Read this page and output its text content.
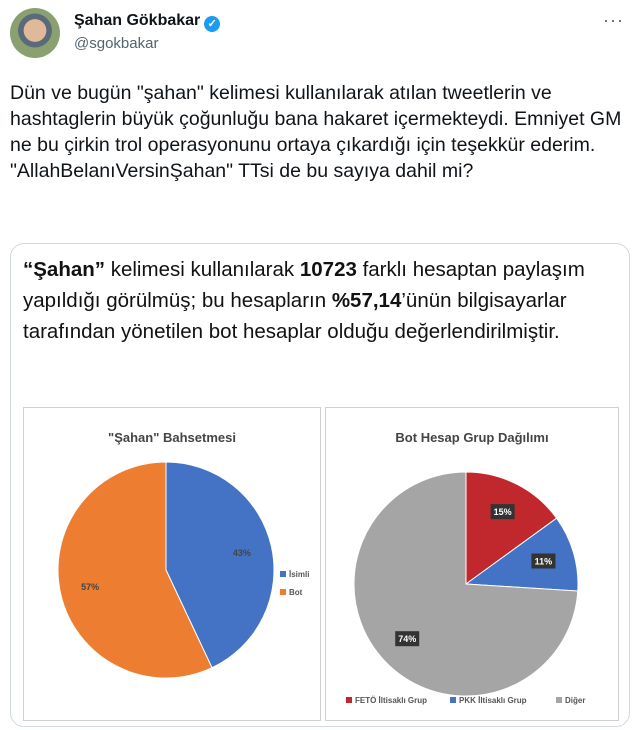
Şahan Gökbakar ✓
@sgokbakar
···
Dün ve bugün "şahan" kelimesi kullanılarak atılan tweetlerin ve hashtaglerin büyük çoğunluğu bana hakaret içermekteydi. Emniyet GM ne bu çirkin trol operasyonunu ortaya çıkardığı için teşekkür ederim. "AllahBelanıVersinŞahan" TTsi de bu sayıya dahil mi?
“Şahan” kelimesi kullanılarak 10723 farklı hesaptan paylaşım yapıldığı görülmüş; bu hesapların %57,14’ünün bilgisayarlar tarafından yönetilen bot hesaplar olduğu değerlendirilmiştir.
"Şahan" Bahsetmesi
43%
57%
İsimli
Bot
Bot Hesap Grup Dağılımı
15%
11%
74%
FETÖ İltisaklı Grup	PKK İltisaklı Grup	Diğer
